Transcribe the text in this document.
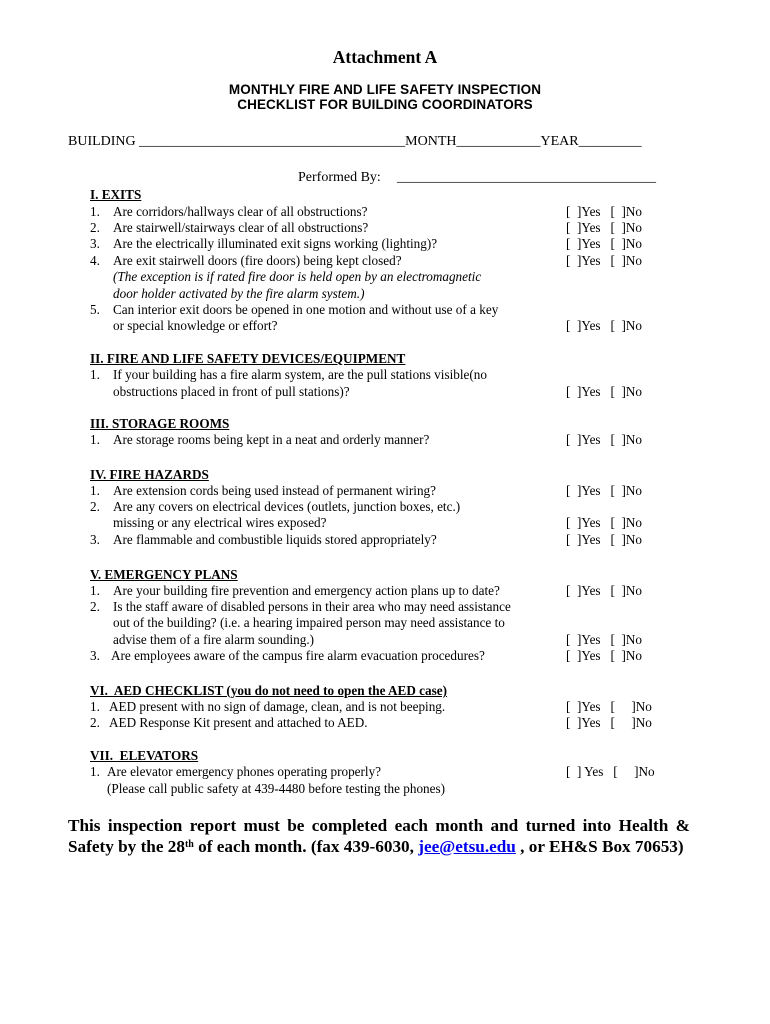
Attachment A
MONTHLY FIRE AND LIFE SAFETY INSPECTION
CHECKLIST FOR BUILDING COORDINATORS
BUILDING ______________________________________MONTH____________YEAR_________
Performed By: _____________________________________
I. EXITS
1. Are corridors/hallways clear of all obstructions?	[  ]Yes   [  ]No
2. Are stairwell/stairways clear of all obstructions?	[  ]Yes   [  ]No
3. Are the electrically illuminated exit signs working (lighting)?	[  ]Yes   [  ]No
4. Are exit stairwell doors (fire doors) being kept closed?	[  ]Yes   [  ]No
(The exception is if rated fire door is held open by an electromagnetic
door holder activated by the fire alarm system.)
5. Can interior exit doors be opened in one motion and without use of a key
or special knowledge or effort?	[  ]Yes   [  ]No
II. FIRE AND LIFE SAFETY DEVICES/EQUIPMENT
1. If your building has a fire alarm system, are the pull stations visible(no
obstructions placed in front of pull stations)?	[  ]Yes   [  ]No
III. STORAGE ROOMS
1. Are storage rooms being kept in a neat and orderly manner?	[  ]Yes   [  ]No
IV. FIRE HAZARDS
1. Are extension cords being used instead of permanent wiring?	[  ]Yes   [  ]No
2. Are any covers on electrical devices (outlets, junction boxes, etc.)
missing or any electrical wires exposed?	[  ]Yes   [  ]No
3. Are flammable and combustible liquids stored appropriately?	[  ]Yes   [  ]No
V. EMERGENCY PLANS
1. Are your building fire prevention and emergency action plans up to date?	[  ]Yes   [  ]No
2. Is the staff aware of disabled persons in their area who may need assistance
out of the building? (i.e. a hearing impaired person may need assistance to
advise them of a fire alarm sounding.)	[  ]Yes   [  ]No
3. Are employees aware of the campus fire alarm evacuation procedures?	[  ]Yes   [  ]No
VI.  AED CHECKLIST (you do not need to open the AED case)
1. AED present with no sign of damage, clean, and is not beeping.	[  ]Yes   [     ]No
2. AED Response Kit present and attached to AED.	[  ]Yes   [     ]No
VII.  ELEVATORS
1. Are elevator emergency phones operating properly?	[  ] Yes   [     ]No
(Please call public safety at 439-4480 before testing the phones)
This inspection report must be completed each month and turned into Health & Safety by the 28th of each month. (fax 439-6030, jee@etsu.edu , or EH&S Box 70653)
